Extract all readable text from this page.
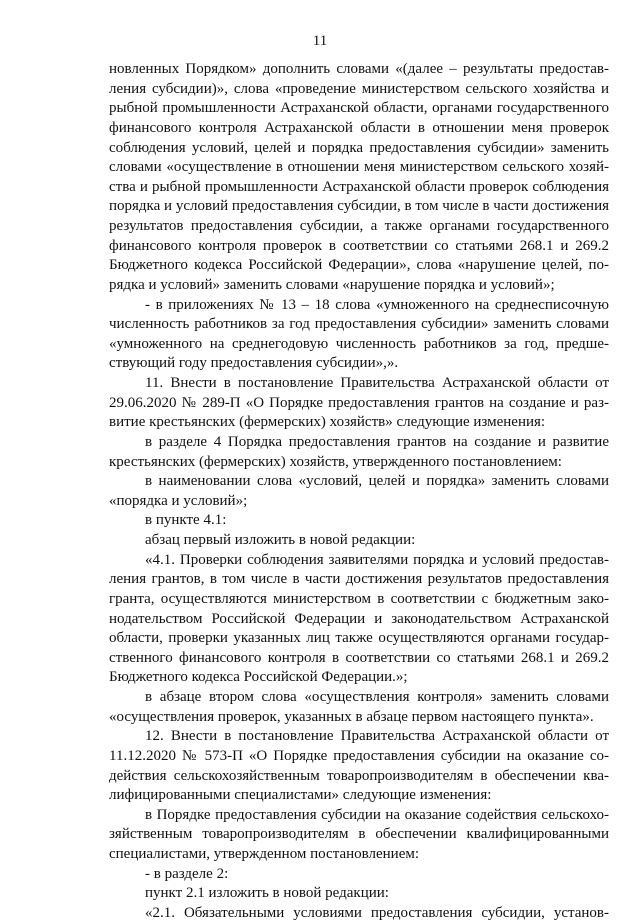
11
новленных Порядком» дополнить словами «(далее – результаты предостав-
ления субсидии)», слова «проведение министерством сельского хозяйства и
рыбной промышленности Астраханской области, органами государственного
финансового контроля Астраханской области в отношении меня проверок
соблюдения условий, целей и порядка предоставления субсидии» заменить
словами «осуществление в отношении меня министерством сельского хозяй-
ства и рыбной промышленности Астраханской области проверок соблюдения
порядка и условий предоставления субсидии, в том числе в части достижения
результатов предоставления субсидии, а также органами государственного
финансового контроля проверок в соответствии со статьями 268.1 и 269.2
Бюджетного кодекса Российской Федерации», слова «нарушение целей, по-
рядка и условий» заменить словами «нарушение порядка и условий»;
- в приложениях № 13 – 18 слова «умноженного на среднесписочную
численность работников за год предоставления субсидии» заменить словами
«умноженного на среднегодовую численность работников за год, предше-
ствующий году предоставления субсидии»,».
11. Внести в постановление Правительства Астраханской области от
29.06.2020 № 289-П «О Порядке предоставления грантов на создание и раз-
витие крестьянских (фермерских) хозяйств» следующие изменения:
в разделе 4 Порядка предоставления грантов на создание и развитие
крестьянских (фермерских) хозяйств, утвержденного постановлением:
в наименовании слова «условий, целей и порядка» заменить словами
«порядка и условий»;
в пункте 4.1:
абзац первый изложить в новой редакции:
«4.1. Проверки соблюдения заявителями порядка и условий предостав-
ления грантов, в том числе в части достижения результатов предоставления
гранта, осуществляются министерством в соответствии с бюджетным зако-
нодательством Российской Федерации и законодательством Астраханской
области, проверки указанных лиц также осуществляются органами государ-
ственного финансового контроля в соответствии со статьями 268.1 и 269.2
Бюджетного кодекса Российской Федерации.»;
в абзаце втором слова «осуществления контроля» заменить словами
«осуществления проверок, указанных в абзаце первом настоящего пункта».
12. Внести в постановление Правительства Астраханской области от
11.12.2020 № 573-П «О Порядке предоставления субсидии на оказание со-
действия сельскохозяйственным товаропроизводителям в обеспечении ква-
лифицированными специалистами» следующие изменения:
в Порядке предоставления субсидии на оказание содействия сельскохо-
зяйственным товаропроизводителям в обеспечении квалифицированными
специалистами, утвержденном постановлением:
- в разделе 2:
пункт 2.1 изложить в новой редакции:
«2.1. Обязательными условиями предоставления субсидии, установ-
